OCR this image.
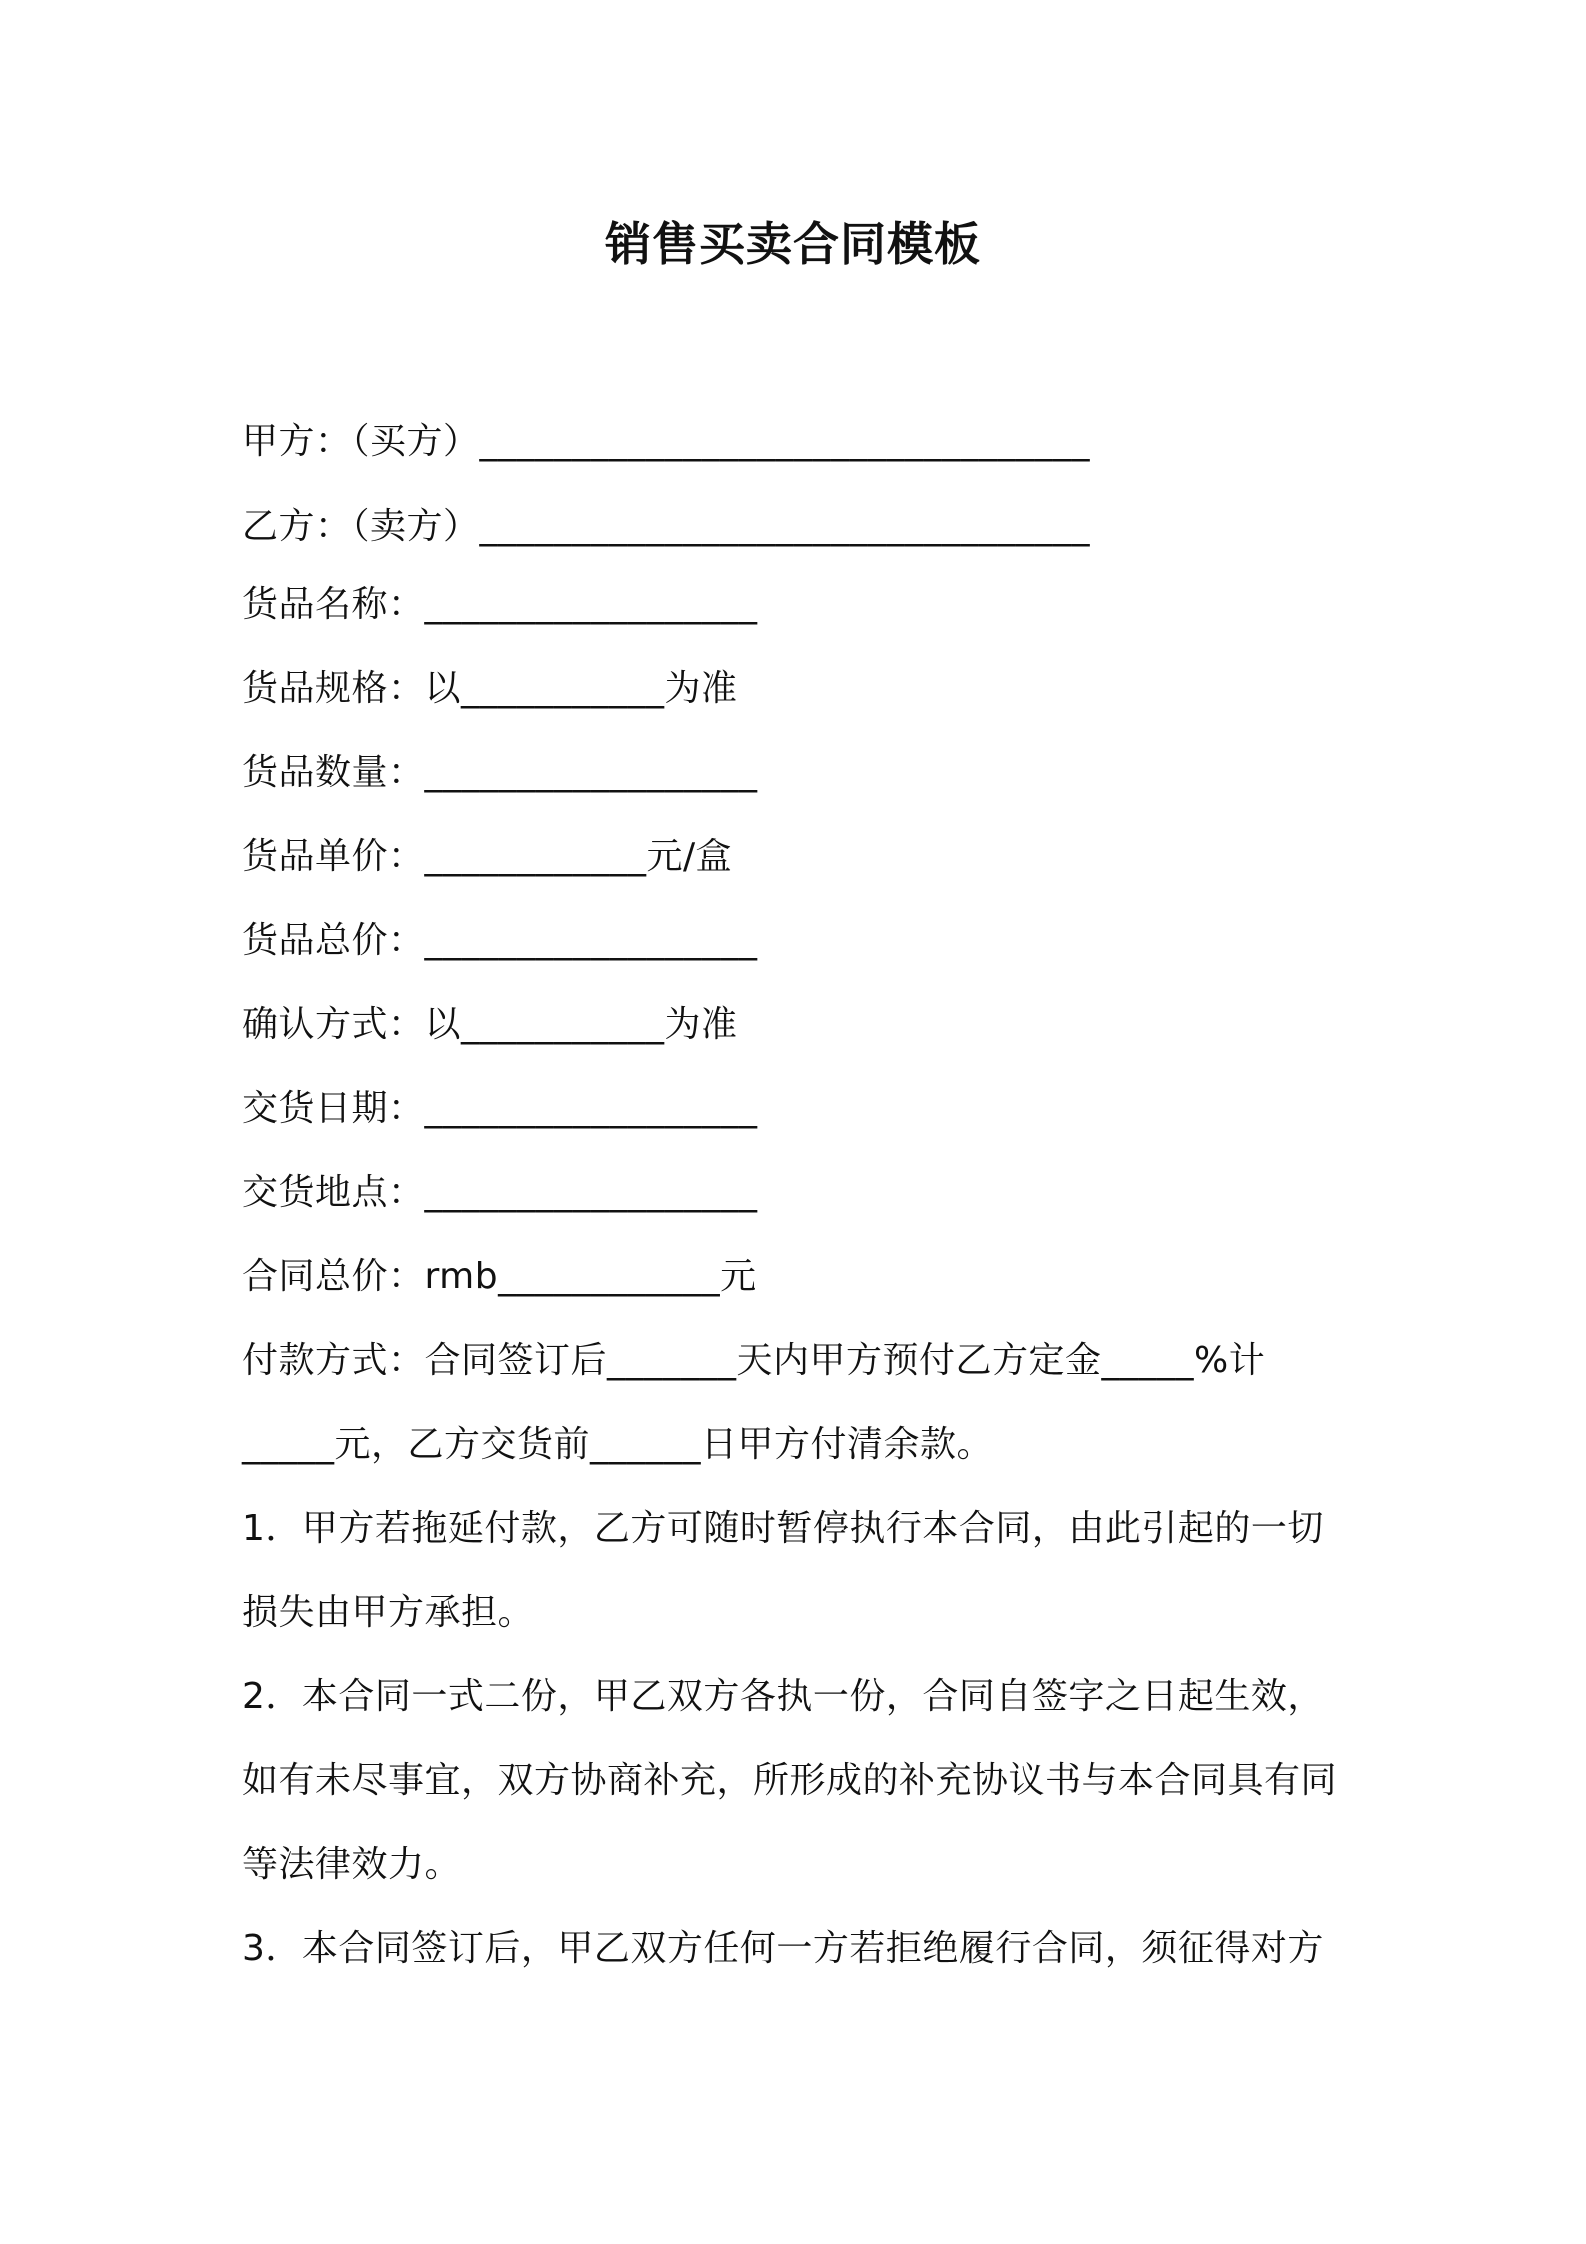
销售买卖合同模板
甲方：（买方）_________________________________
乙方：（卖方）_________________________________
货品名称：__________________
货品规格：以___________为准
货品数量：__________________
货品单价：____________元/盒
货品总价：__________________
确认方式：以___________为准
交货日期：__________________
交货地点：__________________
合同总价：rmb____________元
付款方式：合同签订后_______天内甲方预付乙方定金_____%计
_____元，乙方交货前______日甲方付清余款。
1．甲方若拖延付款，乙方可随时暂停执行本合同，由此引起的一切
损失由甲方承担。
2．本合同一式二份，甲乙双方各执一份，合同自签字之日起生效，
如有未尽事宜，双方协商补充，所形成的补充协议书与本合同具有同
等法律效力。
3．本合同签订后，甲乙双方任何一方若拒绝履行合同，须征得对方
